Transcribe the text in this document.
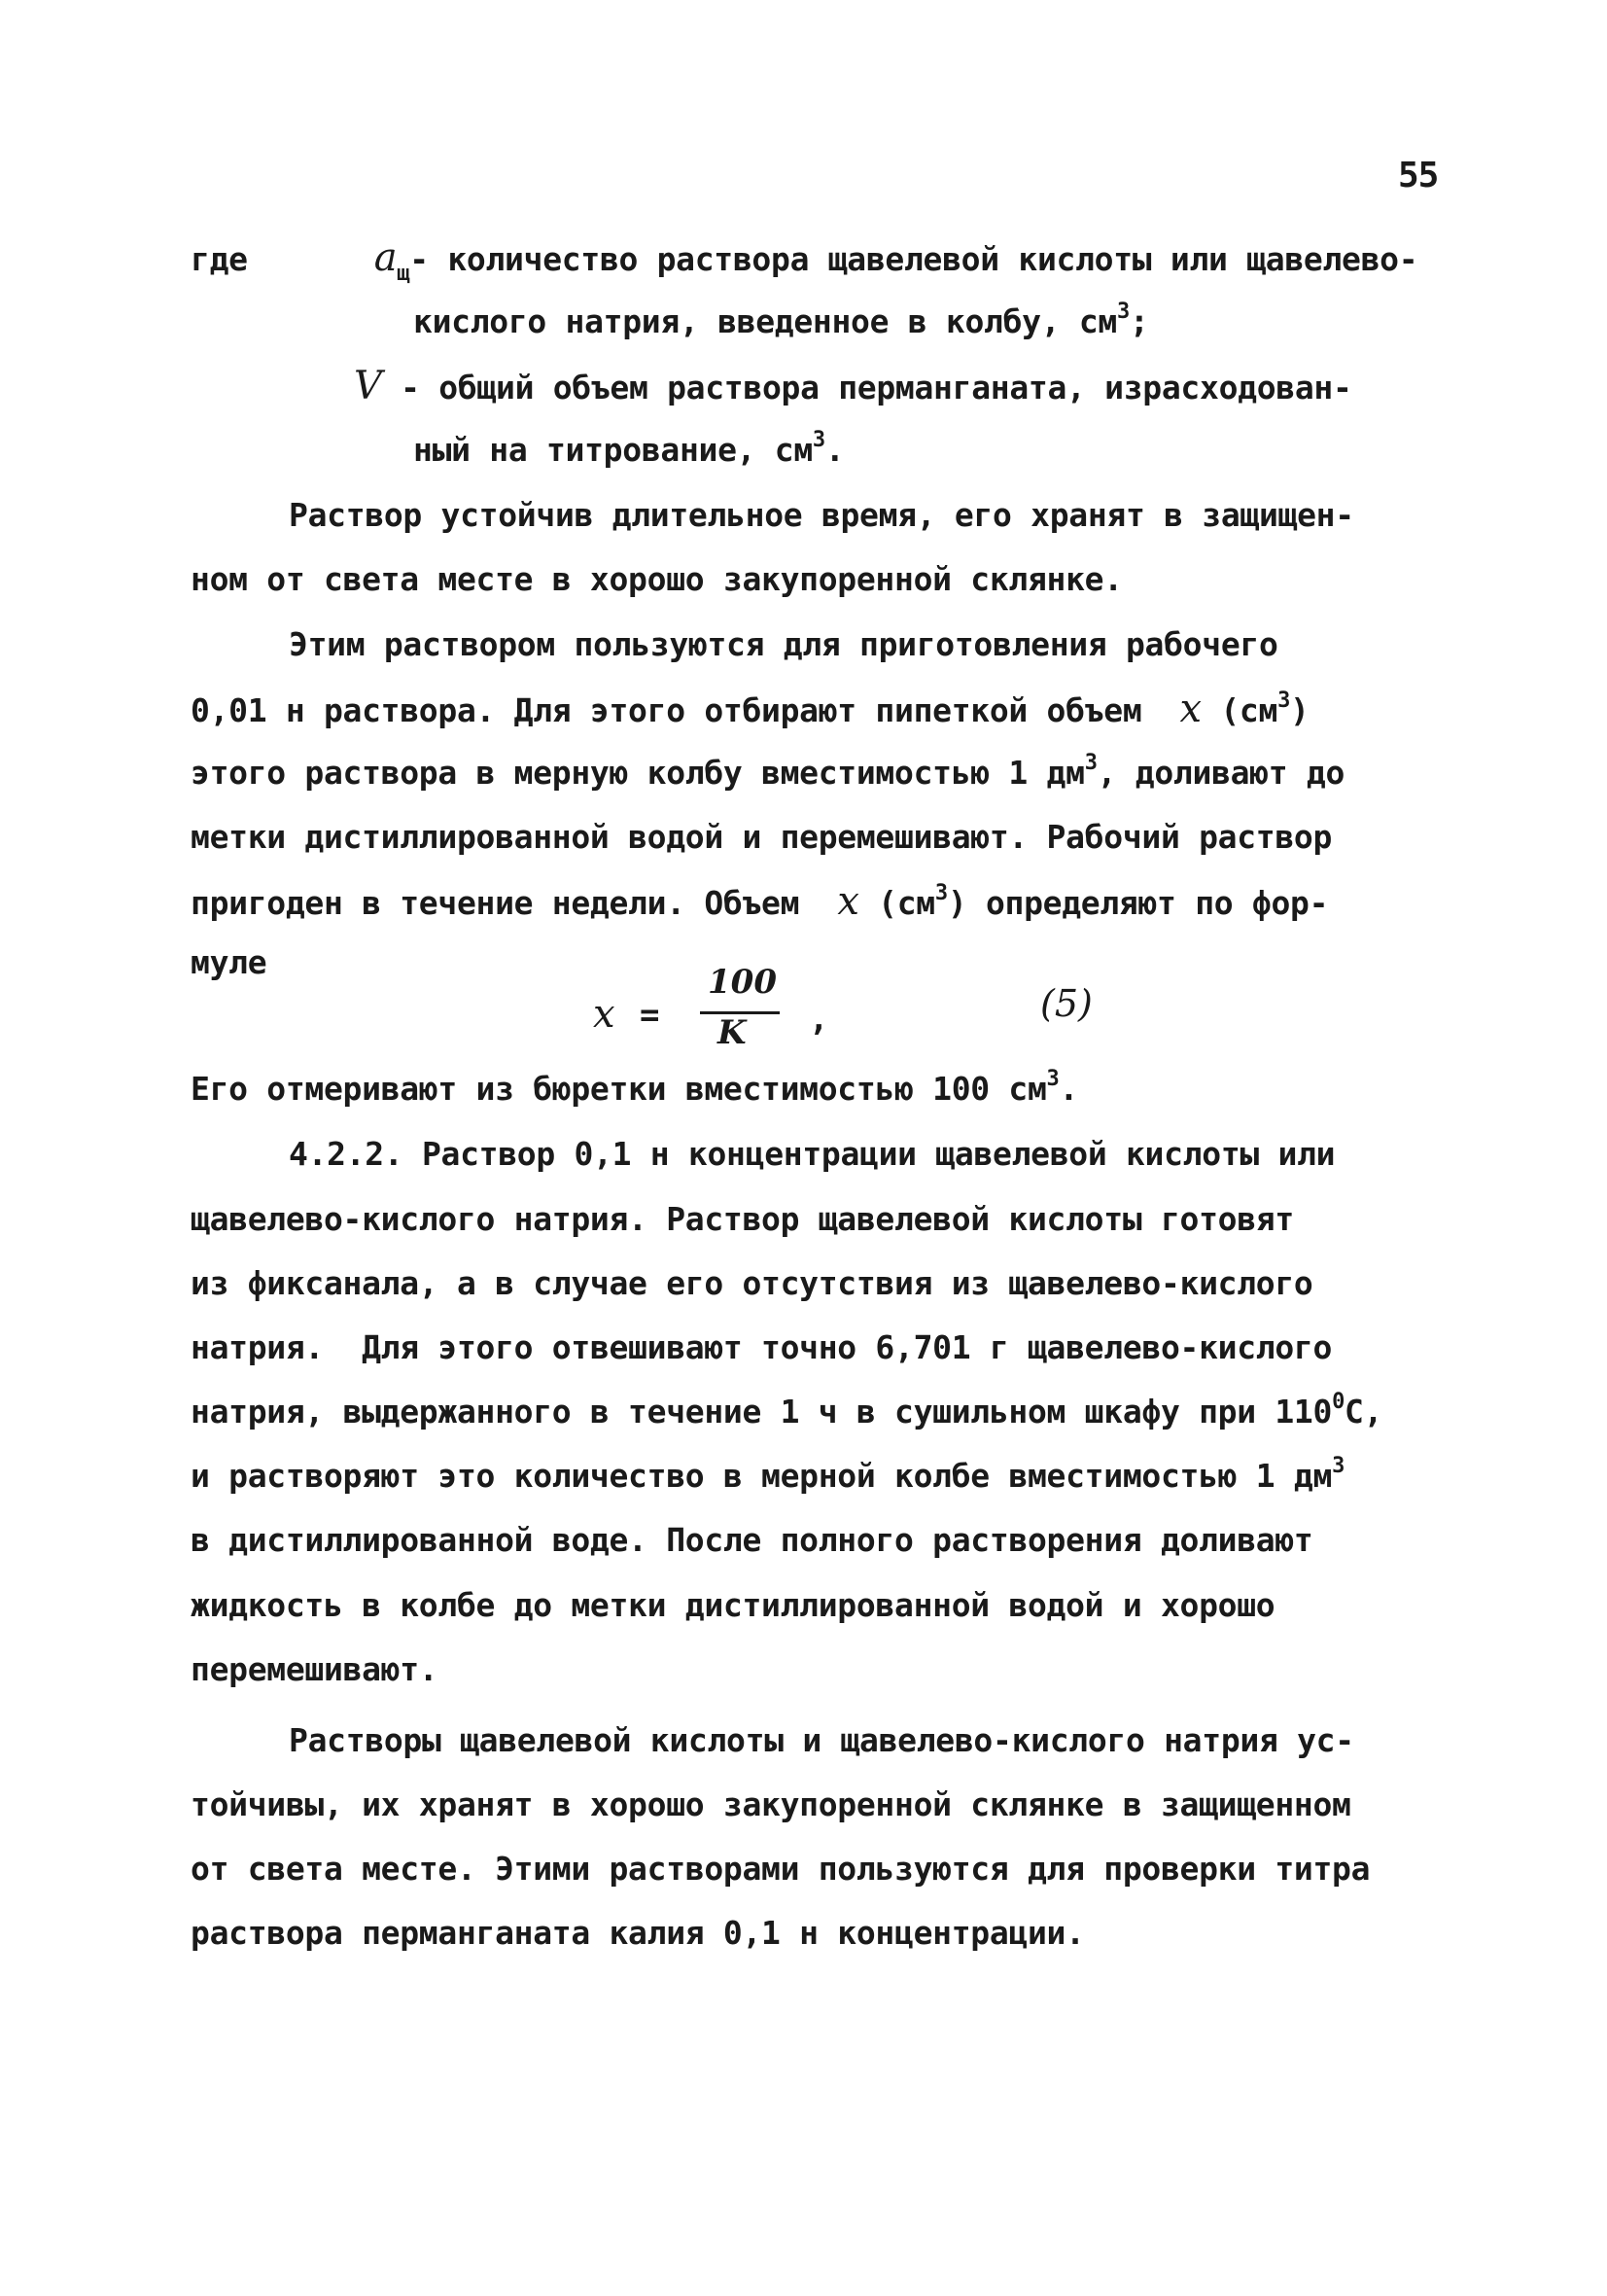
55
где	$a_щ-$ количество раствора щавелевой кислоты или щавелево-
кислого натрия, введенное в колбу, $см^3$;
V - общий объем раствора перманганата, израсходован-
ный на титрование, $см^3$.
Раствор устойчив длительное время, его хранят в защищен-
ном от света месте в хорошо закупоренной склянке.
Этим раствором пользуются для приготовления рабочего
0,01 н раствора. Для этого отбирают пипеткой объем  x $(см^3)$
этого раствора в мерную колбу вместимостью 1 $дм^3$, доливают до
метки дистиллированной водой и перемешивают. Рабочий раствор
пригоден в течение недели. Объем  x $(см^3)$ определяют по фор-
муле
x =
100
K ,	(5)
Его отмеривают из бюретки вместимостью 100 $см^3$.
4.2.2. Раствор 0,1 н концентрации щавелевой кислоты или
щавелево-кислого натрия. Раствор щавелевой кислоты готовят
из фиксанала, а в случае его отсутствия из щавелево-кислого
натрия.  Для этого отвешивают точно 6,701 г щавелево-кислого
натрия, выдержанного в течение 1 ч в сушильном шкафу при $110^0С$,
и растворяют это количество в мерной колбе вместимостью 1 $дм^3$
в дистиллированной воде. После полного растворения доливают
жидкость в колбе до метки дистиллированной водой и хорошо
перемешивают.
Растворы щавелевой кислоты и щавелево-кислого натрия ус-
тойчивы, их хранят в хорошо закупоренной склянке в защищенном
от света месте. Этими растворами пользуются для проверки титра
раствора перманганата калия 0,1 н концентрации.
